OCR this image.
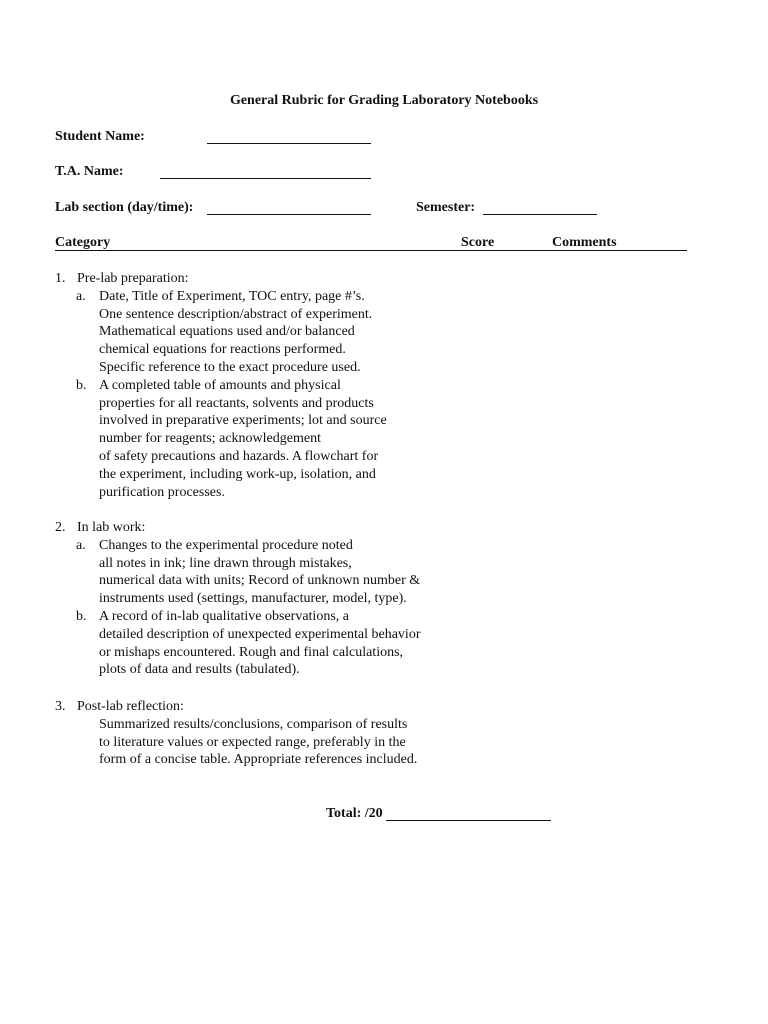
General Rubric for Grading Laboratory Notebooks
Student Name:
T.A. Name:
Lab section (day/time):	Semester:
Category	Score	Comments
1. Pre-lab preparation:
a. Date, Title of Experiment, TOC entry, page #’s.
One sentence description/abstract of experiment.
Mathematical equations used and/or balanced
chemical equations for reactions performed.
Specific reference to the exact procedure used.
b. A completed table of amounts and physical
properties for all reactants, solvents and products
involved in preparative experiments; lot and source
number for reagents; acknowledgement
of safety precautions and hazards. A flowchart for
the experiment, including work-up, isolation, and
purification processes.
2. In lab work:
a. Changes to the experimental procedure noted
all notes in ink; line drawn through mistakes,
numerical data with units; Record of unknown number &
instruments used (settings, manufacturer, model, type).
b. A record of in-lab qualitative observations, a
detailed description of unexpected experimental behavior
or mishaps encountered. Rough and final calculations,
plots of data and results (tabulated).
3. Post-lab reflection:
Summarized results/conclusions, comparison of results
to literature values or expected range, preferably in the
form of a concise table. Appropriate references included.
Total: /20
